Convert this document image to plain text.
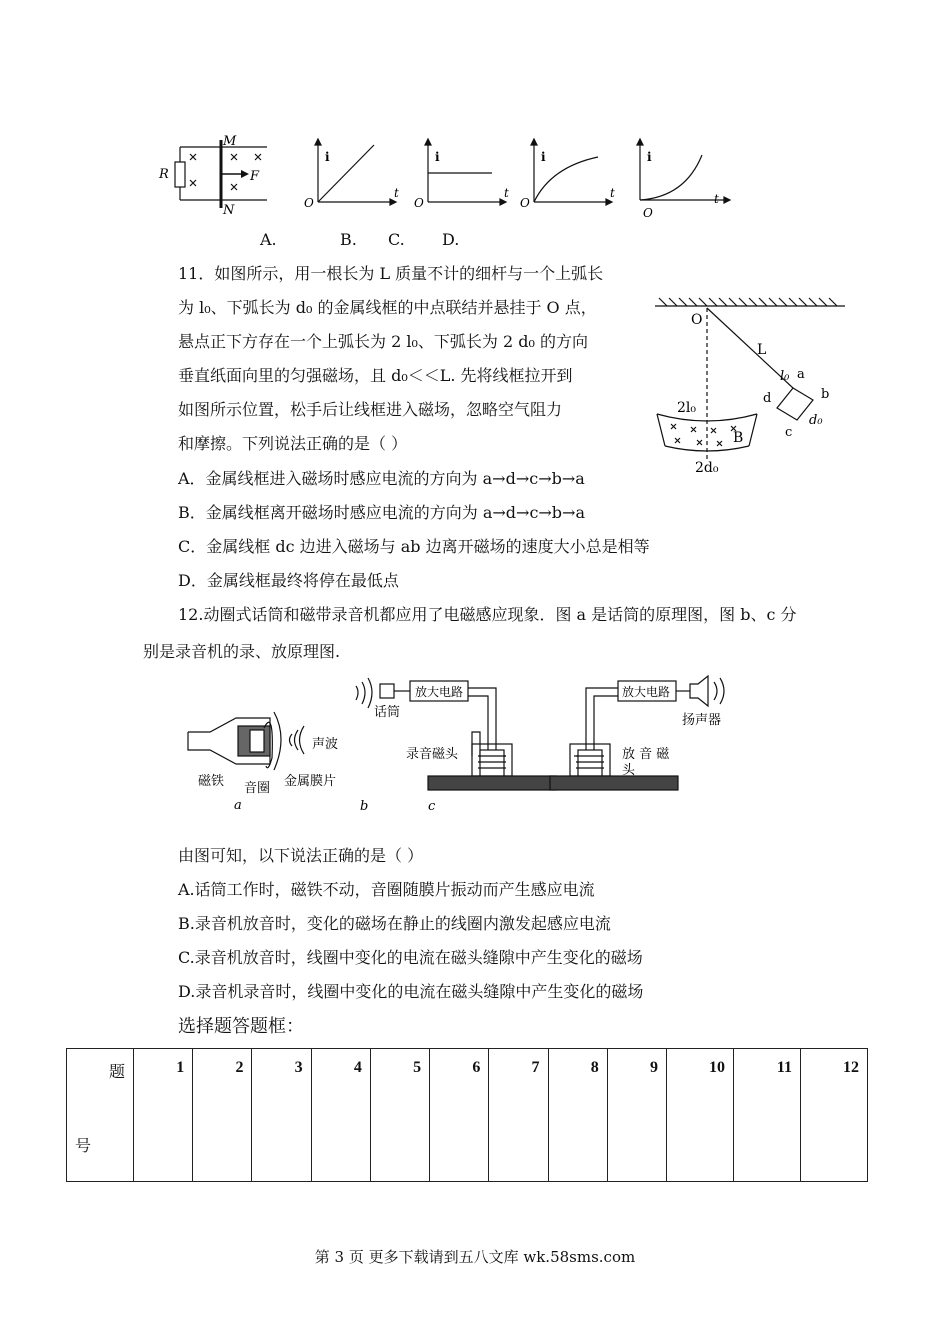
R
M
N
F
i
t
O
i
t
O
i
t
O
i
t
O
A.	B. C. D.
11．如图所示，用一根长为 L 质量不计的细杆与一个上弧长
为 l₀、下弧长为 d₀ 的金属线框的中点联结并悬挂于 O 点，
悬点正下方存在一个上弧长为 2 l₀、下弧长为 2 d₀ 的方向
垂直纸面向里的匀强磁场，且 d₀＜＜L. 先将线框拉开到
如图所示位置，松手后让线框进入磁场，忽略空气阻力
和摩擦。下列说法正确的是（ ）
O
L
l₀ a
b
d
c
d₀
2l₀
2d₀
B
A．金属线框进入磁场时感应电流的方向为 a→d→c→b→a
B．金属线框离开磁场时感应电流的方向为 a→d→c→b→a
C．金属线框 dc 边进入磁场与 ab 边离开磁场的速度大小总是相等
D．金属线框最终将停在最低点
12.动圈式话筒和磁带录音机都应用了电磁感应现象．图 a 是话筒的原理图，图 b、c 分
别是录音机的录、放原理图.
声波
磁铁 音圈 金属膜片
a
话筒
放大电路
录音磁头
放大电路
扬声器
放 音 磁
头
b	c
由图可知，以下说法正确的是（ ）
A.话筒工作时，磁铁不动，音圈随膜片振动而产生感应电流
B.录音机放音时，变化的磁场在静止的线圈内激发起感应电流
C.录音机放音时，线圈中变化的电流在磁头缝隙中产生变化的磁场
D.录音机录音时，线圈中变化的电流在磁头缝隙中产生变化的磁场
选择题答题框：
题
号
	1	2	3	4	5	6	7	8	9	10	11	12
第 3 页 更多下载请到五八文库 wk.58sms.com
